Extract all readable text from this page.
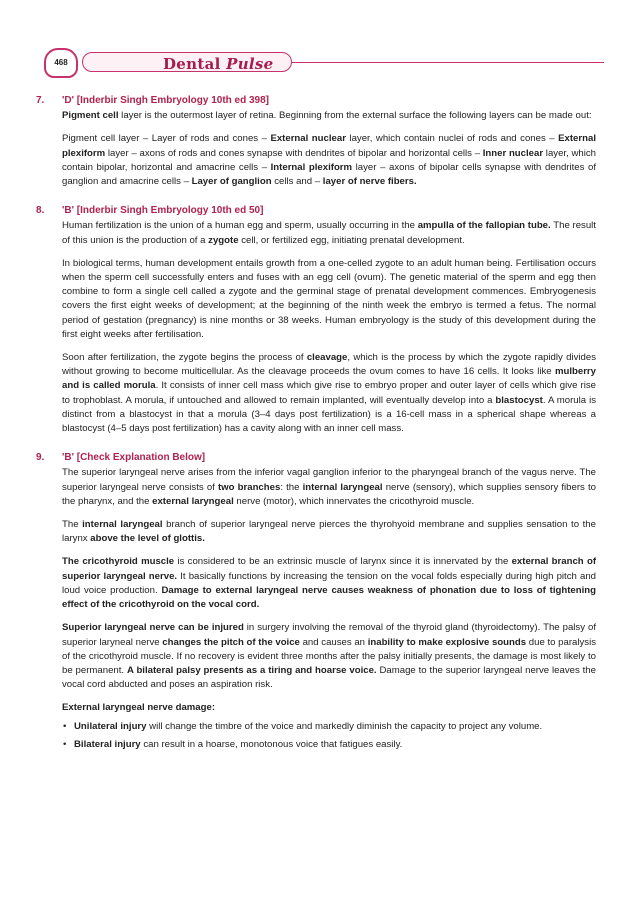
468	Dental Pulse
7.	'D' [Inderbir Singh Embryology 10th ed 398]

Pigment cell layer is the outermost layer of retina. Beginning from the external surface the following layers can be made out:

Pigment cell layer – Layer of rods and cones – External nuclear layer, which contain nuclei of rods and cones – External plexiform layer – axons of rods and cones synapse with dendrites of bipolar and horizontal cells – Inner nuclear layer, which contain bipolar, horizontal and amacrine cells – Internal plexiform layer – axons of bipolar cells synapse with dendrites of ganglion and amacrine cells – Layer of ganglion cells and – layer of nerve fibers.

8.	'B' [Inderbir Singh Embryology 10th ed 50]

Human fertilization is the union of a human egg and sperm, usually occurring in the ampulla of the fallopian tube. The result of this union is the production of a zygote cell, or fertilized egg, initiating prenatal development.

In biological terms, human development entails growth from a one-celled zygote to an adult human being. Fertilisation occurs when the sperm cell successfully enters and fuses with an egg cell (ovum). The genetic material of the sperm and egg then combine to form a single cell called a zygote and the germinal stage of prenatal development commences. Embryogenesis covers the first eight weeks of development; at the beginning of the ninth week the embryo is termed a fetus. The normal period of gestation (pregnancy) is nine months or 38 weeks. Human embryology is the study of this development during the first eight weeks after fertilisation.

Soon after fertilization, the zygote begins the process of cleavage, which is the process by which the zygote rapidly divides without growing to become multicellular. As the cleavage proceeds the ovum comes to have 16 cells. It looks like mulberry and is called morula. It consists of inner cell mass which give rise to embryo proper and outer layer of cells which give rise to trophoblast. A morula, if untouched and allowed to remain implanted, will eventually develop into a blastocyst. A morula is distinct from a blastocyst in that a morula (3–4 days post fertilization) is a 16-cell mass in a spherical shape whereas a blastocyst (4–5 days post fertilization) has a cavity along with an inner cell mass.

9.	'B' [Check Explanation Below]

The superior laryngeal nerve arises from the inferior vagal ganglion inferior to the pharyngeal branch of the vagus nerve. The superior laryngeal nerve consists of two branches: the internal laryngeal nerve (sensory), which supplies sensory fibers to the pharynx, and the external laryngeal nerve (motor), which innervates the cricothyroid muscle.

The internal laryngeal branch of superior laryngeal nerve pierces the thyrohyoid membrane and supplies sensation to the larynx above the level of glottis.

The cricothyroid muscle is considered to be an extrinsic muscle of larynx since it is innervated by the external branch of superior laryngeal nerve. It basically functions by increasing the tension on the vocal folds especially during high pitch and loud voice production. Damage to external laryngeal nerve causes weakness of phonation due to loss of tightening effect of the cricothyroid on the vocal cord.

Superior laryngeal nerve can be injured in surgery involving the removal of the thyroid gland (thyroidectomy). The palsy of superior laryneal nerve changes the pitch of the voice and causes an inability to make explosive sounds due to paralysis of the cricothyroid muscle. If no recovery is evident three months after the palsy initially presents, the damage is most likely to be permanent. A bilateral palsy presents as a tiring and hoarse voice. Damage to the superior laryngeal nerve leaves the vocal cord abducted and poses an aspiration risk.

External laryngeal nerve damage:
• Unilateral injury will change the timbre of the voice and markedly diminish the capacity to project any volume.
• Bilateral injury can result in a hoarse, monotonous voice that fatigues easily.
